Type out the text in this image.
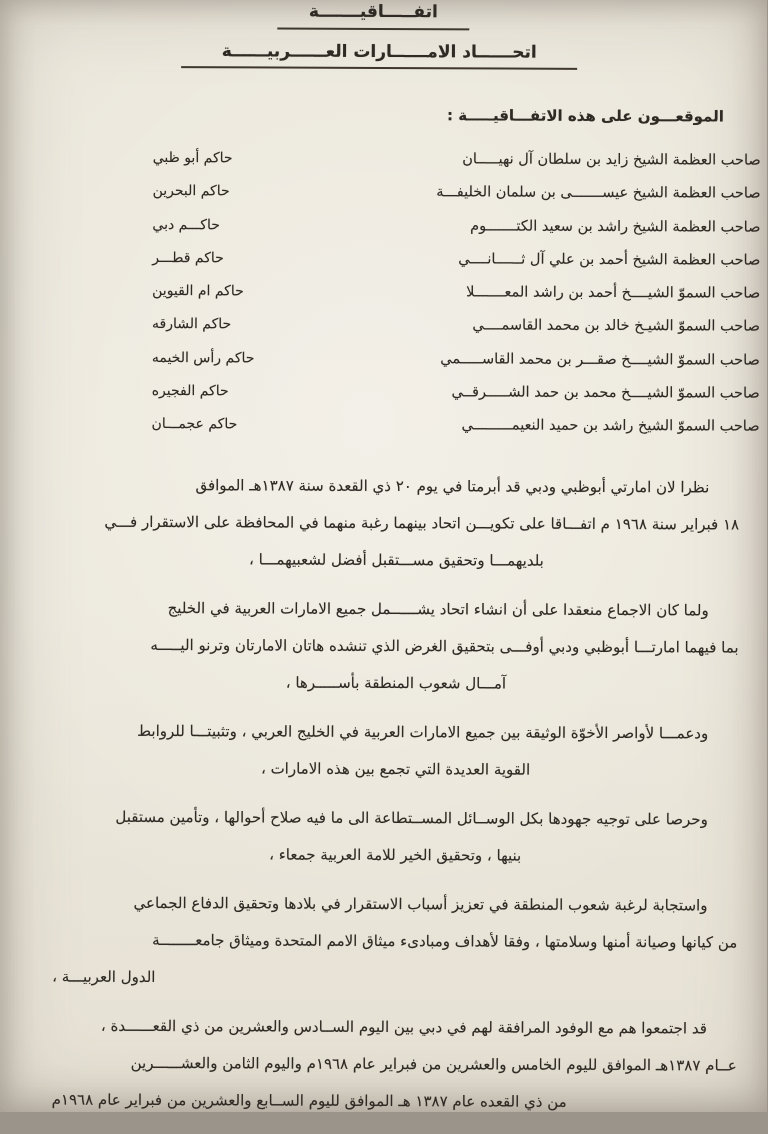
اتفـــــاقيـــــــة
اتحــــــاد الامــــــارات العــــــربيــــــة
الموقعـــون على هذه الاتفـــاقيـــــة :
صاحب العظمة الشيخ زايد بن سلطان آل نهيـــــان
حاكم أبو ظبي
صاحب العظمة الشيخ عيســـــــى بن سلمان الخليفـــة
حاكم البحرين
صاحب العظمة الشيخ راشد بن سعيد الكتـــــــوم
حاكـــم دبي
صاحب العظمة الشيخ أحمد بن علي آل ثــــــانــــي
حاكم قطـــر
صاحب السموّ الشيــــخ أحمد بن راشد المعـــــــلا
حاكم ام القيوين
صاحب السموّ الشيـخ خالد بن محمد القاسمــــي
حاكم الشارقه
صاحب السموّ الشيــــخ صقـــر بن محمد القاســـــمي
حاكم رأس الخيمه
صاحب السموّ الشيــــخ محمد بن حمد الشـــــرقــي
حاكم الفجيره
صاحب السموّ الشيخ راشد بن حميد النعيمـــــــــي
حاكم عجمـــان

نظرا لان امارتي أبوظبي ودبي قد أبرمتا في يوم ٢٠ ذي القعدة سنة ١٣٨٧هـ الموافق
١٨ فبراير سنة ١٩٦٨ م اتفـــاقا على تكويـــن اتحاد بينهما رغبة منهما في المحافظة على الاستقرار فـــي
بلديهمـــا وتحقيق مســـتقبل أفضل لشعبيهمـــا ،

ولما كان الاجماع منعقدا على أن انشاء اتحاد يشــــــمل جميع الامارات العربية في الخليج
بما فيهما امارتـــا أبوظبي ودبي أوفـــى بتحقيق الغرض الذي تنشده هاتان الامارتان وترنو اليـــــه
آمـــال شعوب المنطقة بأســـــرها ،

ودعمـــا لأواصر الأخوّة الوثيقة بين جميع الامارات العربية في الخليج العربي ، وتثبيتـــا للروابط
القوية العديدة التي تجمع بين هذه الامارات ،

وحرصا على توجيه جهودها بكل الوســائل المســتطاعة الى ما فيه صلاح أحوالها ، وتأمين مستقبل
بنيها ، وتحقيق الخير للامة العربية جمعاء ،

واستجابة لرغبة شعوب المنطقة في تعزيز أسباب الاستقرار في بلادها وتحقيق الدفاع الجماعي
من كيانها وصيانة أمنها وسلامتها ، وفقا لأهداف ومبادىء ميثاق الامم المتحدة وميثاق جامعــــــــة
الدول العربيـــة ،

قد اجتمعوا هم مع الوفود المرافقة لهم في دبي بين اليوم الســادس والعشرين من ذي القعــــــدة ،
عــام ١٣٨٧هـ الموافق لليوم الخامس والعشرين من فبراير عام ١٩٦٨م واليوم الثامن والعشــــــرين
من ذي القعده عام ١٣٨٧ هـ الموافق لليوم الســابع والعشرين من فبراير عام ١٩٦٨م
